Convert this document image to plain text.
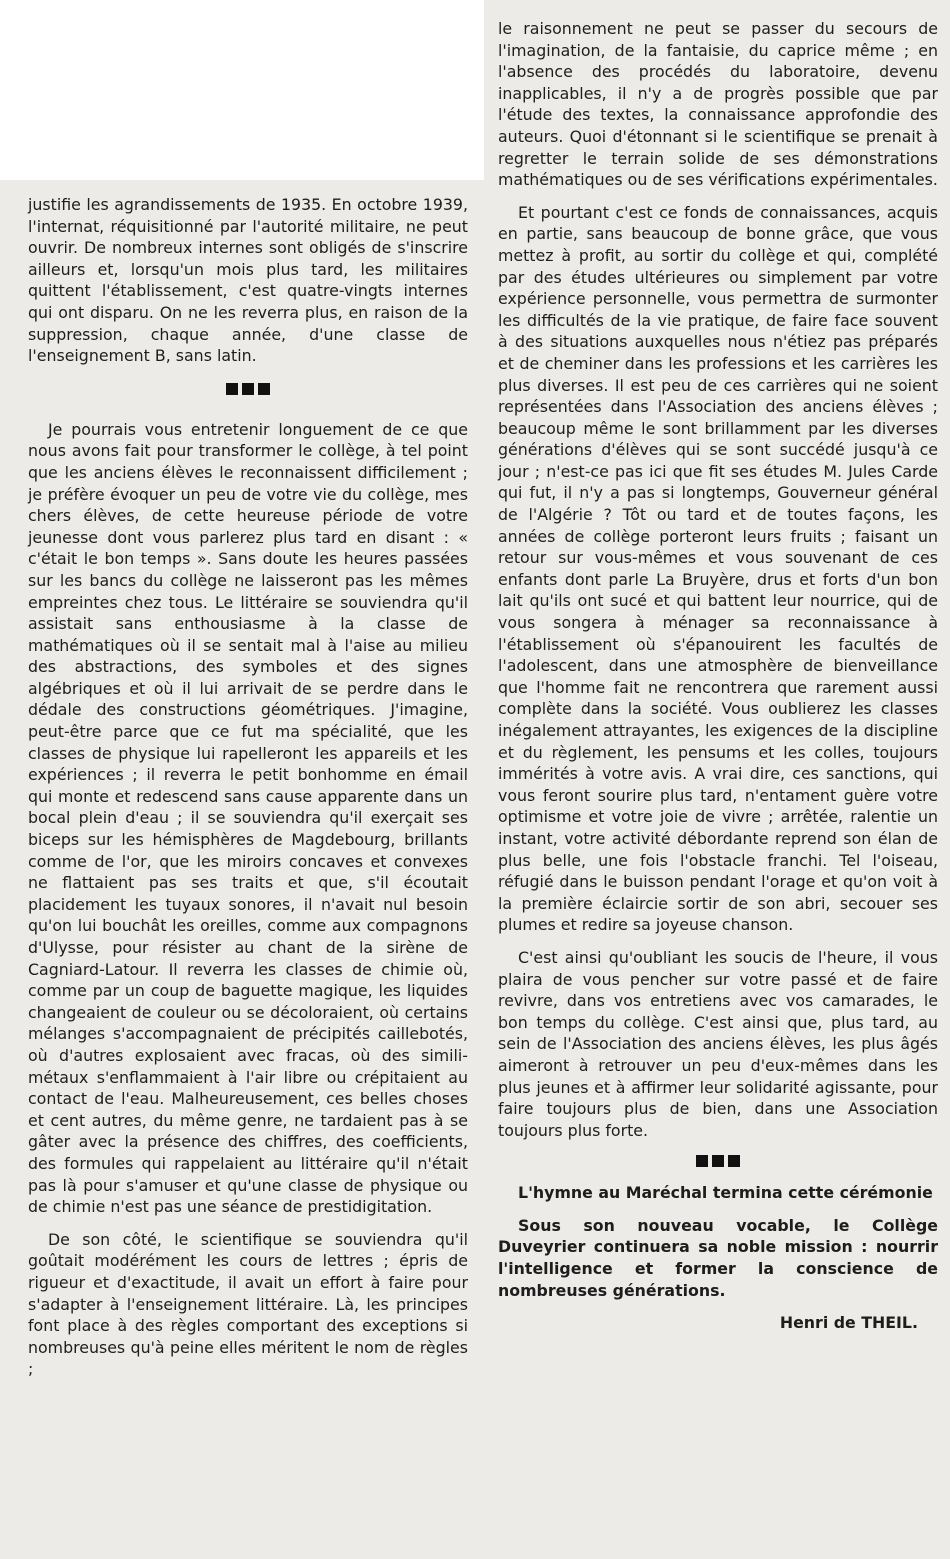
justifie les agrandissements de 1935. En octobre 1939, l'internat, réquisitionné par l'autorité militaire, ne peut ouvrir. De nombreux internes sont obligés de s'inscrire ailleurs et, lorsqu'un mois plus tard, les militaires quittent l'établissement, c'est quatre-vingts internes qui ont disparu. On ne les reverra plus, en raison de la suppression, chaque année, d'une classe de l'enseignement B, sans latin.

Je pourrais vous entretenir longuement de ce que nous avons fait pour transformer le collège, à tel point que les anciens élèves le reconnaissent difficilement ; je préfère évoquer un peu de votre vie du collège, mes chers élèves, de cette heureuse période de votre jeunesse dont vous parlerez plus tard en disant : « c'était le bon temps ». Sans doute les heures passées sur les bancs du collège ne laisseront pas les mêmes empreintes chez tous. Le littéraire se souviendra qu'il assistait sans enthousiasme à la classe de mathématiques où il se sentait mal à l'aise au milieu des abstractions, des symboles et des signes algébriques et où il lui arrivait de se perdre dans le dédale des constructions géométriques. J'imagine, peut-être parce que ce fut ma spécialité, que les classes de physique lui rapelleront les appareils et les expériences ; il reverra le petit bonhomme en émail qui monte et redescend sans cause apparente dans un bocal plein d'eau ; il se souviendra qu'il exerçait ses biceps sur les hémisphères de Magdebourg, brillants comme de l'or, que les miroirs concaves et convexes ne flattaient pas ses traits et que, s'il écoutait placidement les tuyaux sonores, il n'avait nul besoin qu'on lui bouchât les oreilles, comme aux compagnons d'Ulysse, pour résister au chant de la sirène de Cagniard-Latour. Il reverra les classes de chimie où, comme par un coup de baguette magique, les liquides changeaient de couleur ou se décoloraient, où certains mélanges s'accompagnaient de précipités caillebotés, où d'autres explosaient avec fracas, où des simili-métaux s'enflammaient à l'air libre ou crépitaient au contact de l'eau. Malheureusement, ces belles choses et cent autres, du même genre, ne tardaient pas à se gâter avec la présence des chiffres, des coefficients, des formules qui rappelaient au littéraire qu'il n'était pas là pour s'amuser et qu'une classe de physique ou de chimie n'est pas une séance de prestidigitation.

De son côté, le scientifique se souviendra qu'il goûtait modérément les cours de lettres ; épris de rigueur et d'exactitude, il avait un effort à faire pour s'adapter à l'enseignement littéraire. Là, les principes font place à des règles comportant des exceptions si nombreuses qu'à peine elles méritent le nom de règles ;

le raisonnement ne peut se passer du secours de l'imagination, de la fantaisie, du caprice même ; en l'absence des procédés du laboratoire, devenu inapplicables, il n'y a de progrès possible que par l'étude des textes, la connaissance approfondie des auteurs. Quoi d'étonnant si le scientifique se prenait à regretter le terrain solide de ses démonstrations mathématiques ou de ses vérifications expérimentales.

Et pourtant c'est ce fonds de connaissances, acquis en partie, sans beaucoup de bonne grâce, que vous mettez à profit, au sortir du collège et qui, complété par des études ultérieures ou simplement par votre expérience personnelle, vous permettra de surmonter les difficultés de la vie pratique, de faire face souvent à des situations auxquelles nous n'étiez pas préparés et de cheminer dans les professions et les carrières les plus diverses. Il est peu de ces carrières qui ne soient représentées dans l'Association des anciens élèves ; beaucoup même le sont brillamment par les diverses générations d'élèves qui se sont succédé jusqu'à ce jour ; n'est-ce pas ici que fit ses études M. Jules Carde qui fut, il n'y a pas si longtemps, Gouverneur général de l'Algérie ? Tôt ou tard et de toutes façons, les années de collège porteront leurs fruits ; faisant un retour sur vous-mêmes et vous souvenant de ces enfants dont parle La Bruyère, drus et forts d'un bon lait qu'ils ont sucé et qui battent leur nourrice, qui de vous songera à ménager sa reconnaissance à l'établissement où s'épanouirent les facultés de l'adolescent, dans une atmosphère de bienveillance que l'homme fait ne rencontrera que rarement aussi complète dans la société. Vous oublierez les classes inégalement attrayantes, les exigences de la discipline et du règlement, les pensums et les colles, toujours immérités à votre avis. A vrai dire, ces sanctions, qui vous feront sourire plus tard, n'entament guère votre optimisme et votre joie de vivre ; arrêtée, ralentie un instant, votre activité débordante reprend son élan de plus belle, une fois l'obstacle franchi. Tel l'oiseau, réfugié dans le buisson pendant l'orage et qu'on voit à la première éclaircie sortir de son abri, secouer ses plumes et redire sa joyeuse chanson.

C'est ainsi qu'oubliant les soucis de l'heure, il vous plaira de vous pencher sur votre passé et de faire revivre, dans vos entretiens avec vos camarades, le bon temps du collège. C'est ainsi que, plus tard, au sein de l'Association des anciens élèves, les plus âgés aimeront à retrouver un peu d'eux-mêmes dans les plus jeunes et à affirmer leur solidarité agissante, pour faire toujours plus de bien, dans une Association toujours plus forte.

L'hymne au Maréchal termina cette cérémonie

Sous son nouveau vocable, le Collège Duveyrier continuera sa noble mission : nourrir l'intelligence et former la conscience de nombreuses générations.

Henri de THEIL.
